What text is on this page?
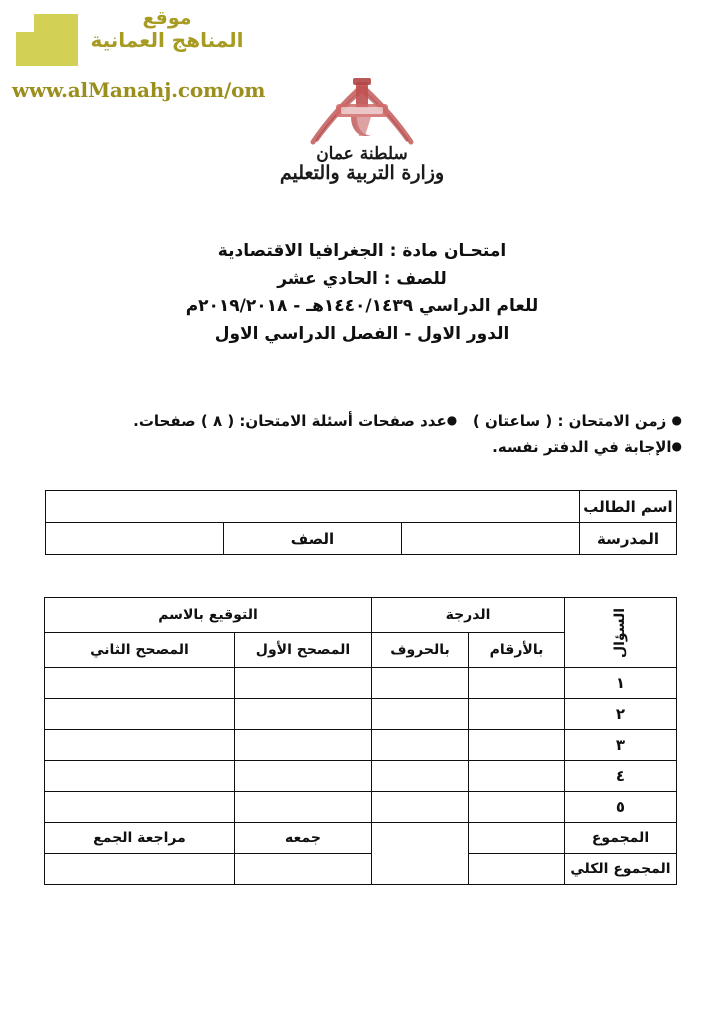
موقع
المناهج العمانية
www.alManahj.com/om
سلطنة عمان
وزارة التربية والتعليم
امتحـان مادة : الجغرافيا الاقتصادية
للصف : الحادي عشر
للعام الدراسي ١٤٤٠/١٤٣٩هـ - ٢٠١٩/٢٠١٨م
الدور الاول - الفصل الدراسي الاول
● زمن الامتحان : ( ساعتان )   ●عدد صفحات أسئلة الامتحان: ( ٨ ) صفحات.
●الإجابة في الدفتر نفسه.
اسم الطالب			
المدرسة		الصف	
السؤال	الدرجة		التوقيع بالاسم	
	بالأرقام	بالحروف	المصحح الأول	المصحح الثاني
١				
٢				
٣				
٤				
٥				
المجموع			جمعه	مراجعة الجمع
المجموع الكلي				
